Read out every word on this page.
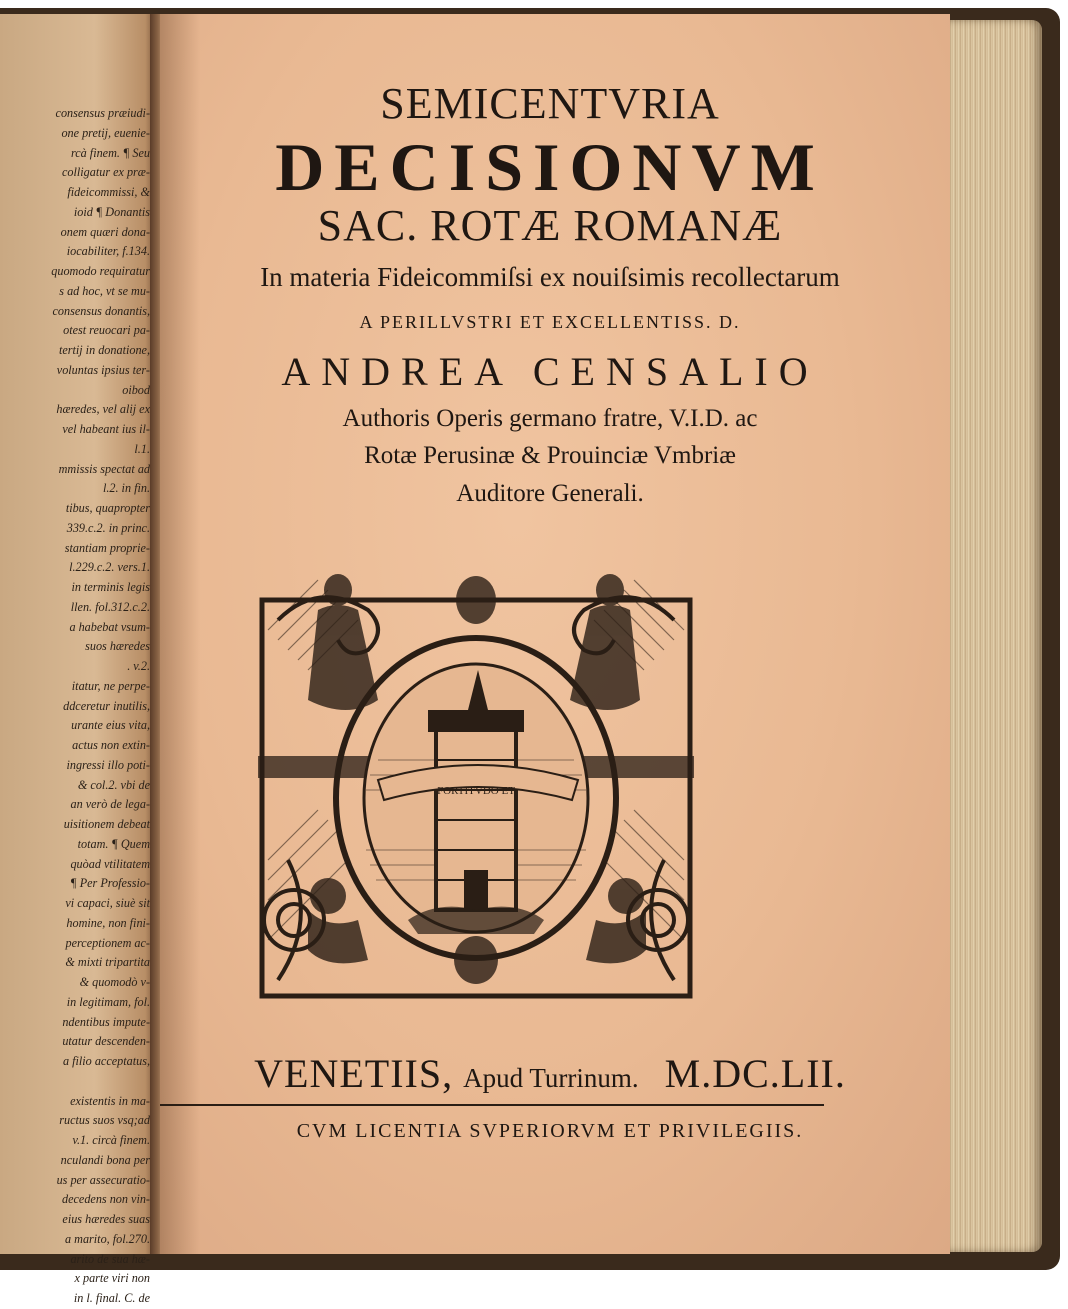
consensus præiudi-
one pretij, euenie-
rcà finem. ¶ Seu
colligatur ex præ-
fideicommissi, &
ioid ¶ Donantis
onem quæri dona-
iocabiliter, f.134.
quomodo requiratur
s ad hoc, vt se mu-
consensus donantis,
otest reuocari pa-
tertij in donatione,
voluntas ipsius ter-
oibod
hæredes, vel alij ex
vel habeant ius il-
l.1.
mmissis spectat ad
l.2. in fin.
tibus, quapropter
339.c.2. in princ.
stantiam proprie-
l.229.c.2. vers.1.
in terminis legis
llen. fol.312.c.2.
a habebat vsum-
suos hæredes
. v.2.
itatur, ne perpe-
ddceretur inutilis,
urante eius vita,
actus non extin-
ingressi illo poti-
& col.2. vbi de
an verò de lega-
uisitionem debeat
totam. ¶ Quem
quòad vtilitatem
¶ Per Professio-
vi capaci, siuè sit
homine, non fini-
perceptionem ac-
& mixti tripartita
& quomodò v-
in legitimam, fol.
ndentibus impute-
utatur descenden-
a filio acceptatus,
existentis in ma-
ructus suos vsq;ad
v.1. circà finem.
nculandi bona per
us per assecuratio-
decedens non vin-
eius hæredes suas
a marito, fol.270.
arito de sua hæ-
x parte viri non
in l. final. C. de
SEMICENTVRIA
DECISIONVM
SAC. ROTÆ ROMANÆ
In materia Fideicommiſsi ex nouiſsimis recollectarum
A PERILLVSTRI ET EXCELLENTISS. D.
ANDREA CENSALIO
Authoris Operis germano fratre, V.I.D. ac
Rotæ Perusinæ & Prouinciæ Vmbriæ
Auditore Generali.
FORTITVDO ET
VENETIIS, Apud Turrinum. M.DC.LII.
CVM LICENTIA SVPERIORVM ET PRIVILEGIIS.
